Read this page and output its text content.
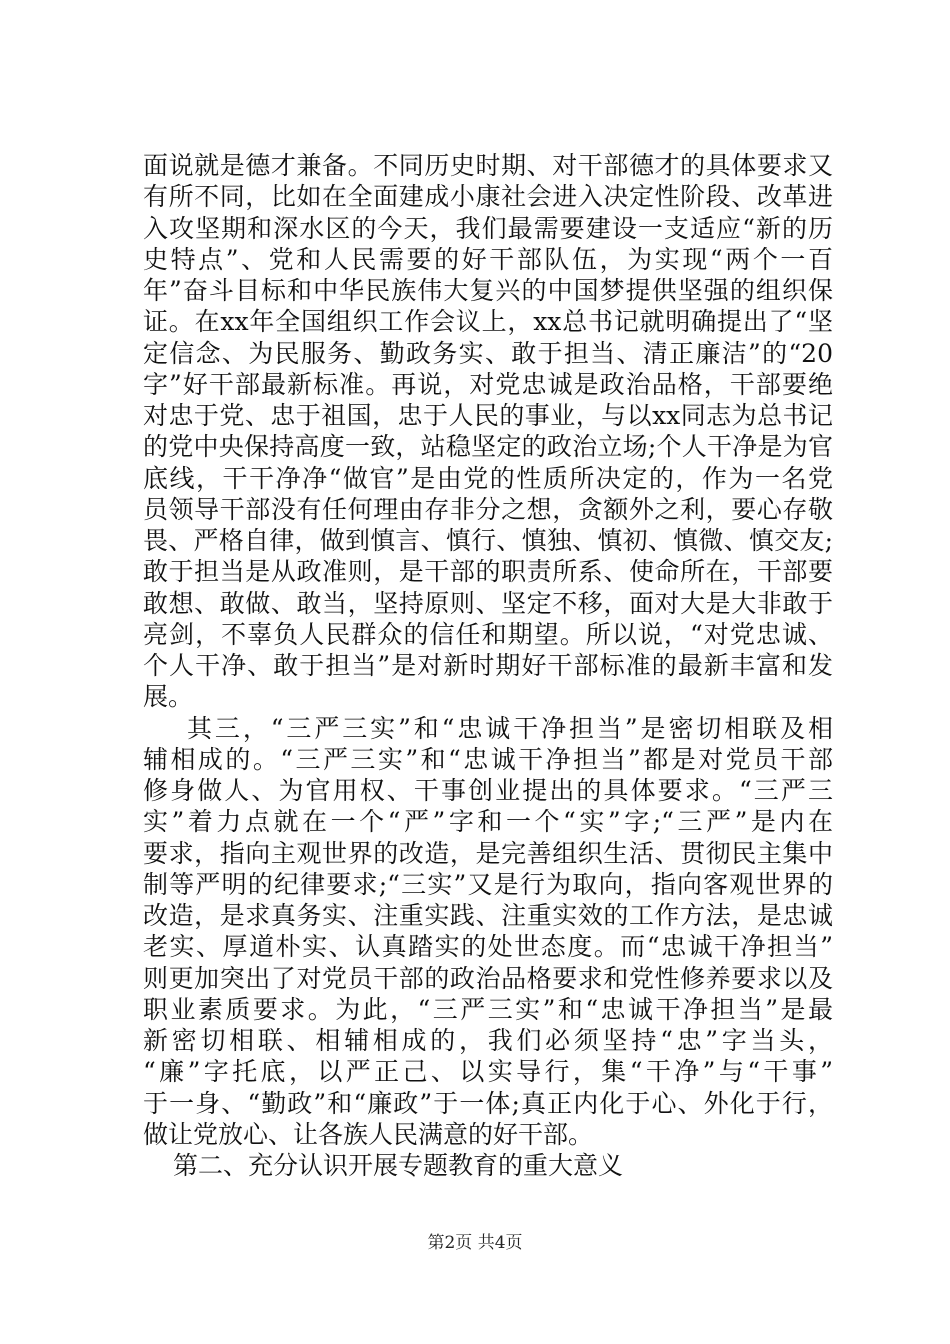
面说就是德才兼备。不同历史时期、对干部德才的具体要求又
有所不同，比如在全面建成小康社会进入决定性阶段、改革进
入攻坚期和深水区的今天，我们最需要建设一支适应“新的历
史特点”、党和人民需要的好干部队伍，为实现“两个一百
年”奋斗目标和中华民族伟大复兴的中国梦提供坚强的组织保
证。在xx年全国组织工作会议上，xx总书记就明确提出了“坚
定信念、为民服务、勤政务实、敢于担当、清正廉洁”的“20
字”好干部最新标准。再说，对党忠诚是政治品格，干部要绝
对忠于党、忠于祖国，忠于人民的事业，与以xx同志为总书记
的党中央保持高度一致，站稳坚定的政治立场;个人干净是为官
底线，干干净净“做官”是由党的性质所决定的，作为一名党
员领导干部没有任何理由存非分之想，贪额外之利，要心存敬
畏、严格自律，做到慎言、慎行、慎独、慎初、慎微、慎交友;
敢于担当是从政准则，是干部的职责所系、使命所在，干部要
敢想、敢做、敢当，坚持原则、坚定不移，面对大是大非敢于
亮剑，不辜负人民群众的信任和期望。所以说，“对党忠诚、
个人干净、敢于担当”是对新时期好干部标准的最新丰富和发
展。
其三，“三严三实”和“忠诚干净担当”是密切相联及相
辅相成的。“三严三实”和“忠诚干净担当”都是对党员干部
修身做人、为官用权、干事创业提出的具体要求。“三严三
实”着力点就在一个“严”字和一个“实”字;“三严”是内在
要求，指向主观世界的改造，是完善组织生活、贯彻民主集中
制等严明的纪律要求;“三实”又是行为取向，指向客观世界的
改造，是求真务实、注重实践、注重实效的工作方法，是忠诚
老实、厚道朴实、认真踏实的处世态度。而“忠诚干净担当”
则更加突出了对党员干部的政治品格要求和党性修养要求以及
职业素质要求。为此，“三严三实”和“忠诚干净担当”是最
新密切相联、相辅相成的，我们必须坚持“忠”字当头，
“廉”字托底，以严正己、以实导行，集“干净”与“干事”
于一身、“勤政”和“廉政”于一体;真正内化于心、外化于行，
做让党放心、让各族人民满意的好干部。
第二、充分认识开展专题教育的重大意义
第2页 共4页
